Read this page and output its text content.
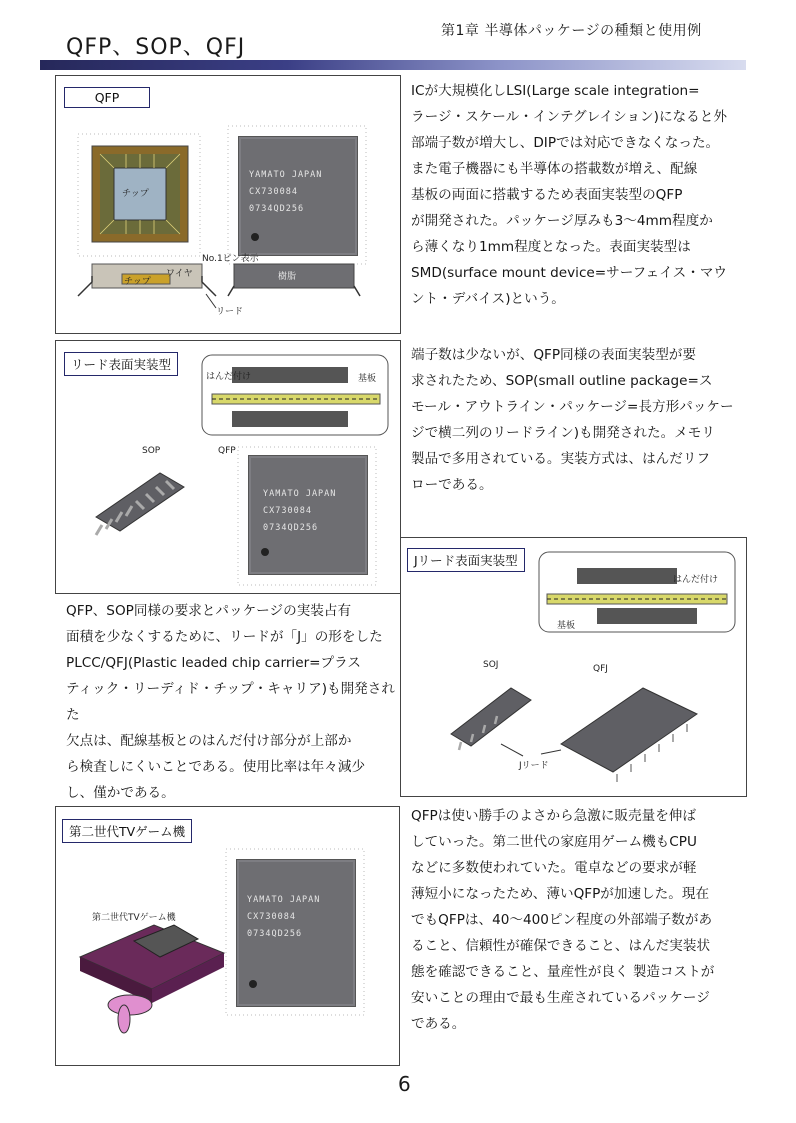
第1章 半導体パッケージの種類と使用例
QFP、SOP、QFJ
QFP
YAMATO JAPAN
CX730084
0734QD256
チップ
No.1ピン表示
ワイヤ
チップ	樹脂
リード
リード表面実装型
YAMATO JAPAN
CX730084
0734QD256
はんだ付け	基板
SOP	QFP
Jリード表面実装型
はんだ付け
基板
SOJ	QFJ
Jリード
第二世代TVゲーム機
YAMATO JAPAN
CX730084
0734QD256
第二世代TVゲーム機
ICが大規模化しLSI(Large scale integration=
ラージ・スケール・インテグレイション)になると外
部端子数が増大し、DIPでは対応できなくなった。
また電子機器にも半導体の搭載数が増え、配線
基板の両面に搭載するため表面実装型のQFP
が開発された。パッケージ厚みも3～4mm程度か
ら薄くなり1mm程度となった。表面実装型は
SMD(surface mount device=サーフェイス・マウ
ント・デバイス)という。
端子数は少ないが、QFP同様の表面実装型が要
求されたため、SOP(small outline package=ス
モール・アウトライン・パッケージ=長方形パッケー
ジで横二列のリードライン)も開発された。メモリ
製品で多用されている。実装方式は、はんだリフ
ローである。
QFP、SOP同様の要求とパッケージの実装占有
面積を少なくするために、リードが「J」の形をした
PLCC/QFJ(Plastic leaded chip carrier=プラス
ティック・リーディド・チップ・キャリア)も開発された
欠点は、配線基板とのはんだ付け部分が上部か
ら検査しにくいことである。使用比率は年々減少
し、僅かである。
QFPは使い勝手のよさから急激に販売量を伸ば
していった。第二世代の家庭用ゲーム機もCPU
などに多数使われていた。電卓などの要求が軽
薄短小になったため、薄いQFPが加速した。現在
でもQFPは、40～400ピン程度の外部端子数があ
ること、信頼性が確保できること、はんだ実装状
態を確認できること、量産性が良く 製造コストが
安いことの理由で最も生産されているパッケージ
である。
6
